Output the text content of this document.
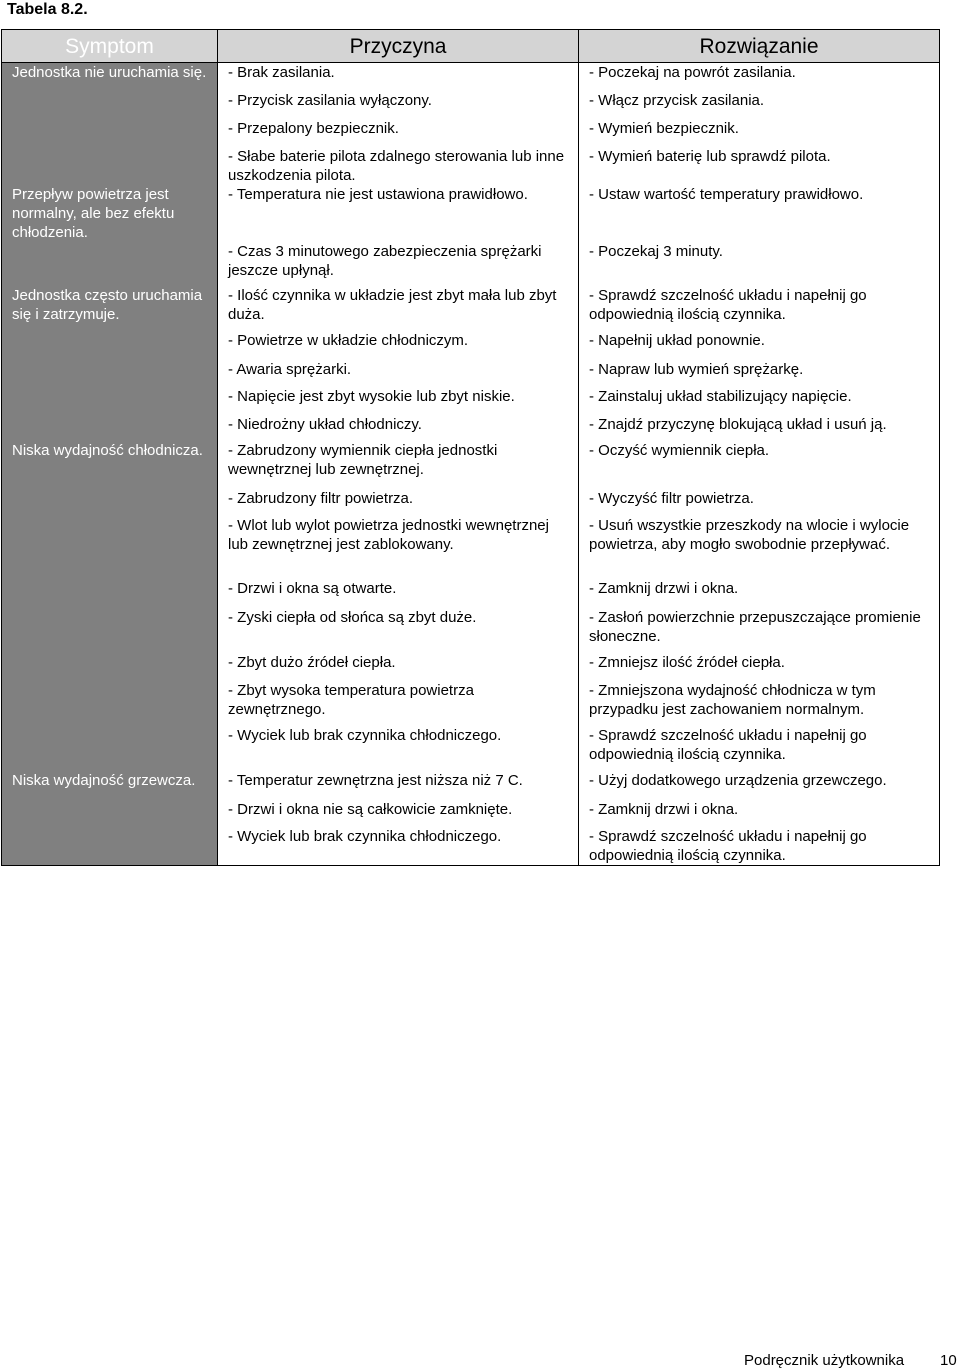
Tabela 8.2.
Symptom	Przyczyna	Rozwiązanie
Jednostka nie uruchamia się.	- Brak zasilania.	- Poczekaj na powrót zasilania.
	- Przycisk zasilania wyłączony.	- Włącz przycisk zasilania.
	- Przepalony bezpiecznik.	- Wymień bezpiecznik.
	- Słabe baterie pilota zdalnego sterowania lub inne uszkodzenia pilota.	- Wymień baterię lub sprawdź pilota.
Przepływ powietrza jest normalny, ale bez efektu chłodzenia.	- Temperatura nie jest ustawiona prawidłowo.	- Ustaw wartość temperatury prawidłowo.
	- Czas 3 minutowego zabezpieczenia sprężarki jeszcze upłynął.	- Poczekaj 3 minuty.
Jednostka często uruchamia się i zatrzymuje.	- Ilość czynnika w układzie jest zbyt mała lub zbyt duża.	- Sprawdź szczelność układu i napełnij go odpowiednią ilością czynnika.
	- Powietrze w układzie chłodniczym.	- Napełnij układ ponownie.
	- Awaria sprężarki.	- Napraw lub wymień sprężarkę.
	- Napięcie jest zbyt wysokie lub zbyt niskie.	- Zainstaluj układ stabilizujący napięcie.
	- Niedrożny układ chłodniczy.	- Znajdź przyczynę blokującą układ i usuń ją.
Niska wydajność chłodnicza.	- Zabrudzony wymiennik ciepła jednostki wewnętrznej lub zewnętrznej.	- Oczyść wymiennik ciepła.
	- Zabrudzony filtr powietrza.	- Wyczyść filtr powietrza.
	- Wlot lub wylot powietrza jednostki wewnętrznej lub zewnętrznej jest zablokowany.	- Usuń wszystkie przeszkody na wlocie i wylocie powietrza, aby mogło swobodnie przepływać.
	- Drzwi i okna są otwarte.	- Zamknij drzwi i okna.
	- Zyski ciepła od słońca są zbyt duże.	- Zasłoń powierzchnie przepuszczające promienie słoneczne.
	- Zbyt dużo źródeł ciepła.	- Zmniejsz ilość źródeł ciepła.
	- Zbyt wysoka temperatura powietrza zewnętrznego.	- Zmniejszona wydajność chłodnicza w tym przypadku jest zachowaniem normalnym.
	- Wyciek lub brak czynnika chłodniczego.	- Sprawdź szczelność układu i napełnij go odpowiednią ilością czynnika.
Niska wydajność grzewcza.	- Temperatur zewnętrzna jest niższa niż 7 C.	- Użyj dodatkowego urządzenia grzewczego.
	- Drzwi i okna nie są całkowicie zamknięte.	- Zamknij drzwi i okna.
	- Wyciek lub brak czynnika chłodniczego.	- Sprawdź szczelność układu i napełnij go odpowiednią ilością czynnika.
Podręcznik użytkownika 10
